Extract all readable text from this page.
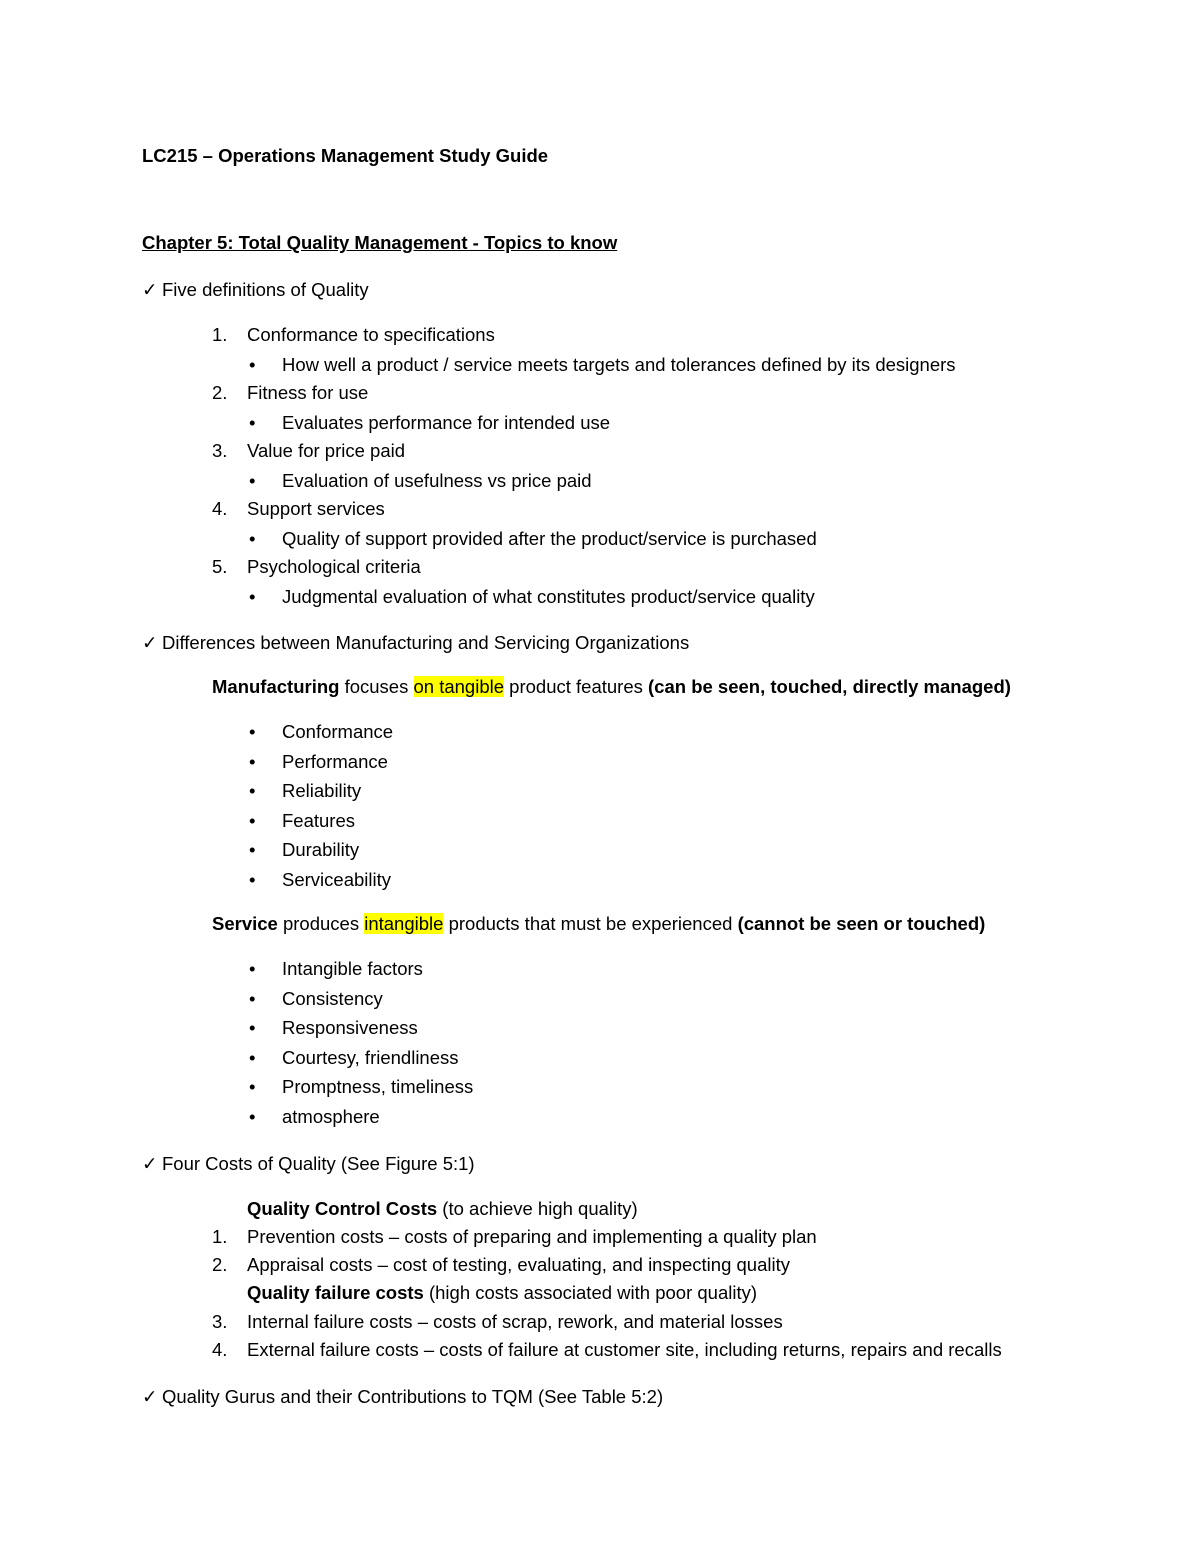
LC215 – Operations Management Study Guide
Chapter 5: Total Quality Management - Topics to know
✓ Five definitions of Quality
1. Conformance to specifications
• How well a product / service meets targets and tolerances defined by its designers
2. Fitness for use
• Evaluates performance for intended use
3. Value for price paid
• Evaluation of usefulness vs price paid
4. Support services
• Quality of support provided after the product/service is purchased
5. Psychological criteria
• Judgmental evaluation of what constitutes product/service quality
✓ Differences between Manufacturing and Servicing Organizations
Manufacturing focuses on tangible product features (can be seen, touched, directly managed)
• Conformance
• Performance
• Reliability
• Features
• Durability
• Serviceability
Service produces intangible products that must be experienced (cannot be seen or touched)
• Intangible factors
• Consistency
• Responsiveness
• Courtesy, friendliness
• Promptness, timeliness
• atmosphere
✓ Four Costs of Quality (See Figure 5:1)
Quality Control Costs (to achieve high quality)
1. Prevention costs – costs of preparing and implementing a quality plan
2. Appraisal costs – cost of testing, evaluating, and inspecting quality
Quality failure costs (high costs associated with poor quality)
3. Internal failure costs – costs of scrap, rework, and material losses
4. External failure costs – costs of failure at customer site, including returns, repairs and recalls
✓ Quality Gurus and their Contributions to TQM (See Table 5:2)
